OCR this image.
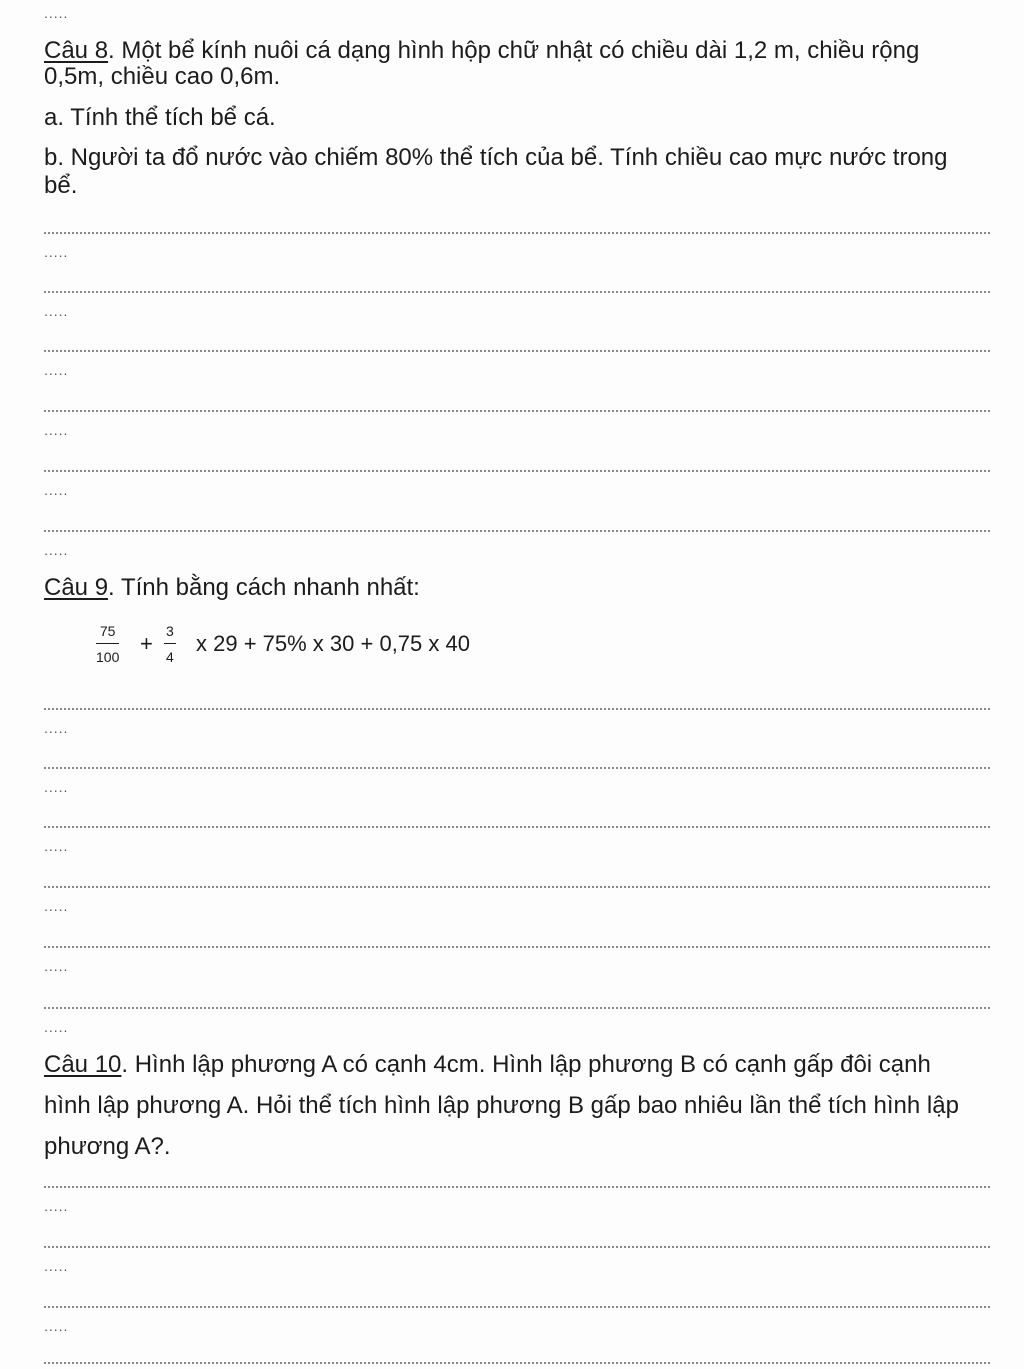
.....
Câu 8. Một bể kính nuôi cá dạng hình hộp chữ nhật có chiều dài 1,2 m, chiều rộng
0,5m, chiều cao 0,6m.
a. Tính thể tích bể cá.
b. Người ta đổ nước vào chiếm 80% thể tích của bể. Tính chiều cao mực nước trong
bể.
.....
.....
.....
.....
.....
.....
Câu 9. Tính bằng cách nhanh nhất:
$\frac{75}{100} + \frac{3}{4}$ x 29 + 75% x 30 + 0,75 x 40
.....
.....
.....
.....
.....
.....
Câu 10. Hình lập phương A có cạnh 4cm. Hình lập phương B có cạnh gấp đôi cạnh
hình lập phương A. Hỏi thể tích hình lập phương B gấp bao nhiêu lần thể tích hình lập
phương A?.
.....
.....
.....
